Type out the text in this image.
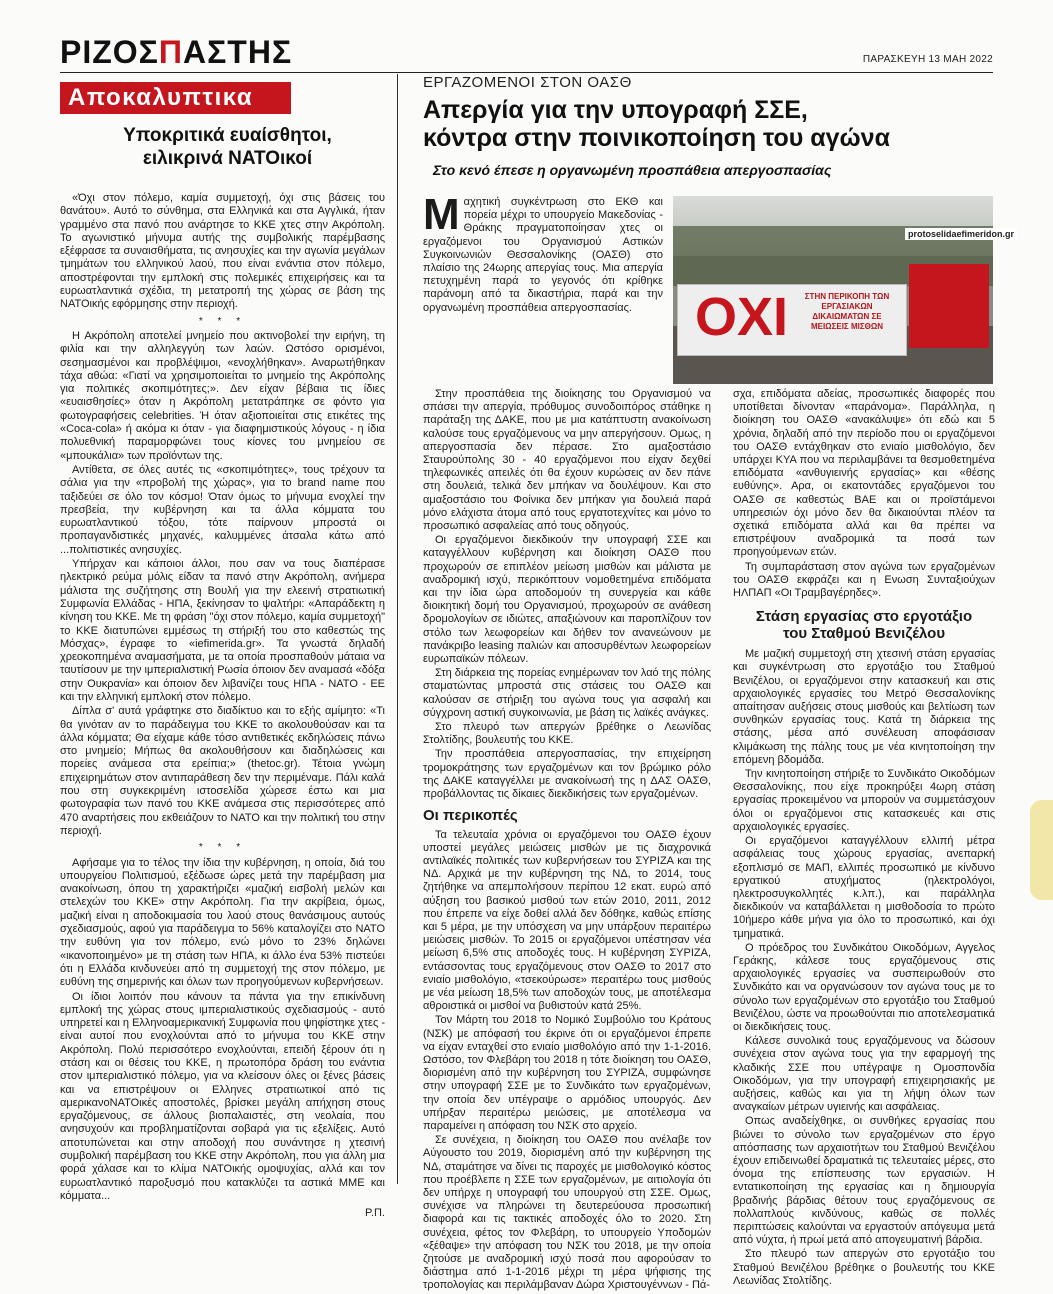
ΡΙΖΟΣΠΑΣΤΗΣ	ΠΑΡΑΣΚΕΥΗ 13 ΜΑΗ 2022
Αποκαλυπτικα
Υποκριτικά ευαίσθητοι,
ειλικρινά ΝΑΤΟικοί

«Όχι στον πόλεμο, καμία συμμετοχή, όχι στις βάσεις του θανάτου». Αυτό το σύνθημα, στα Ελληνικά και στα Αγγλικά, ήταν γραμμένο στα πανό που ανάρτησε το ΚΚΕ χτες στην Ακρόπολη. Το αγωνιστικό μήνυμα αυτής της συμβολικής παρέμβασης εξέφρασε τα συναισθήματα, τις ανησυχίες και την αγωνία μεγάλων τμημάτων του ελληνικού λαού, που είναι ενάντια στον πόλεμο, αποστρέφονται την εμπλοκή στις πολεμικές επιχειρήσεις και τα ευρωατλαντικά σχέδια, τη μετατροπή της χώρας σε βάση της ΝΑΤΟικής εφόρμησης στην περιοχή.

* * *

Η Ακρόπολη αποτελεί μνημείο που ακτινοβολεί την ειρήνη, τη φιλία και την αλληλεγγύη των λαών. Ωστόσο ορισμένοι, σεσημασμένοι και προβλέψιμοι, «ενοχλήθηκαν». Αναρωτήθηκαν τάχα αθώα: «Γιατί να χρησιμοποιείται το μνημείο της Ακρόπολης για πολιτικές σκοπιμότητες;». Δεν είχαν βέβαια τις ίδιες «ευαισθησίες» όταν η Ακρόπολη μετατράπηκε σε φόντο για φωτογραφήσεις celebrities. Ή όταν αξιοποιείται στις ετικέτες της «Coca-cola» ή ακόμα κι όταν - για διαφημιστικούς λόγους - η ίδια πολυεθνική παραμορφώνει τους κίονες του μνημείου σε «μπουκάλια» των προϊόντων της.

Αντίθετα, σε όλες αυτές τις «σκοπιμότητες», τους τρέχουν τα σάλια για την «προβολή της χώρας», για το brand name που ταξιδεύει σε όλο τον κόσμο! Όταν όμως το μήνυμα ενοχλεί την πρεσβεία, την κυβέρνηση και τα άλλα κόμματα του ευρωατλαντικού τόξου, τότε παίρνουν μπροστά οι προπαγανδιστικές μηχανές, καλυμμένες άτσαλα κάτω από ...πολιτιστικές ανησυχίες.

Υπήρχαν και κάποιοι άλλοι, που σαν να τους διαπέρασε ηλεκτρικό ρεύμα μόλις είδαν τα πανό στην Ακρόπολη, ανήμερα μάλιστα της συζήτησης στη Βουλή για την ελεεινή στρατιωτική Συμφωνία Ελλάδας - ΗΠΑ, ξεκίνησαν το ψαλτήρι: «Απαράδεκτη η κίνηση του ΚΚΕ. Με τη φράση "όχι στον πόλεμο, καμία συμμετοχή" το ΚΚΕ διατυπώνει εμμέσως τη στήριξή του στο καθεστώς της Μόσχας», έγραφε το «iefimerida.gr». Τα γνωστά δηλαδή χρεοκοπημένα αναμασήματα, με τα οποία προσπαθούν μάταια να ταυτίσουν με την ιμπεριαλιστική Ρωσία όποιον δεν αναμασά «δόξα στην Ουκρανία» και όποιον δεν λιβανίζει τους ΗΠΑ - ΝΑΤΟ - ΕΕ και την ελληνική εμπλοκή στον πόλεμο.

Δίπλα σ' αυτά γράφτηκε στο διαδίκτυο και το εξής αμίμητο: «Τι θα γινόταν αν το παράδειγμα του ΚΚΕ το ακολουθούσαν και τα άλλα κόμματα; Θα είχαμε κάθε τόσο αντιθετικές εκδηλώσεις πάνω στο μνημείο; Μήπως θα ακολουθήσουν και διαδηλώσεις και πορείες ανάμεσα στα ερείπια;» (thetoc.gr). Τέτοια γνώμη επιχειρημάτων στον αντιπαράθεση δεν την περιμέναμε. Πάλι καλά που στη συγκεκριμένη ιστοσελίδα χώρεσε έστω και μια φωτογραφία των πανό του ΚΚΕ ανάμεσα στις περισσότερες από 470 αναρτήσεις που εκθειάζουν το ΝΑΤΟ και την πολιτική του στην περιοχή.

* * *

Αφήσαμε για το τέλος την ίδια την κυβέρνηση, η οποία, διά του υπουργείου Πολιτισμού, εξέδωσε ώρες μετά την παρέμβαση μια ανακοίνωση, όπου τη χαρακτήριζει «μαζική εισβολή μελών και στελεχών του ΚΚΕ» στην Ακρόπολη. Για την ακρίβεια, όμως, μαζική είναι η αποδοκιμασία του λαού στους θανάσιμους αυτούς σχεδιασμούς, αφού για παράδειγμα το 56% καταλογίζει στο ΝΑΤΟ την ευθύνη για τον πόλεμο, ενώ μόνο το 23% δηλώνει «ικανοποιημένο» με τη στάση των ΗΠΑ, κι άλλο ένα 53% πιστεύει ότι η Ελλάδα κινδυνεύει από τη συμμετοχή της στον πόλεμο, με ευθύνη της σημερινής και όλων των προηγούμενων κυβερνήσεων.

Οι ίδιοι λοιπόν που κάνουν τα πάντα για την επικίνδυνη εμπλοκή της χώρας στους ιμπεριαλιστικούς σχεδιασμούς - αυτό υπηρετεί και η Ελληνοαμερικανική Συμφωνία που ψηφίστηκε χτες - είναι αυτοί που ενοχλούνται από το μήνυμα του ΚΚΕ στην Ακρόπολη. Πολύ περισσότερο ενοχλούνται, επειδή ξέρουν ότι η στάση και οι θέσεις του ΚΚΕ, η πρωτοπόρα δράση του ενάντια στον ιμπεριαλιστικό πόλεμο, για να κλείσουν όλες οι ξένες βάσεις και να επιστρέψουν οι Ελληνες στρατιωτικοί από τις αμερικανοΝΑΤΟικές αποστολές, βρίσκει μεγάλη απήχηση στους εργαζόμενους, σε άλλους βιοπαλαιστές, στη νεολαία, που ανησυχούν και προβληματίζονται σοβαρά για τις εξελίξεις. Αυτό αποτυπώνεται και στην αποδοχή που συνάντησε η χτεσινή συμβολική παρέμβαση του ΚΚΕ στην Ακρόπολη, που για άλλη μια φορά χάλασε και το κλίμα ΝΑΤΟικής ομοψυχίας, αλλά και τον ευρωατλαντικό παροξυσμό που κατακλύζει τα αστικά ΜΜΕ και κόμματα...

Ρ.Π.
ΕΡΓΑΖΟΜΕΝΟΙ ΣΤΟΝ ΟΑΣΘ
Απεργία για την υπογραφή ΣΣΕ,
κόντρα στην ποινικοποίηση του αγώνα
Στο κενό έπεσε η οργανωμένη προσπάθεια απεργοσπασίας
ΟΧΙ	ΣΤΗΝ ΠΕΡΙΚΟΠΗ ΤΩΝ ΕΡΓΑΣΙΑΚΩΝ ΔΙΚΑΙΩΜΑΤΩΝ ΣΕ ΜΕΙΩΣΕΙΣ ΜΙΣΘΩΝ
protoselidaefimeridon.gr

Μαχητική συγκέντρωση στο ΕΚΘ και πορεία μέχρι το υπουργείο Μακεδονίας - Θράκης πραγματοποίησαν χτες οι εργαζόμενοι του Οργανισμού Αστικών Συγκοινωνιών Θεσσαλονίκης (ΟΑΣΘ) στο πλαίσιο της 24ωρης απεργίας τους. Μια απεργία πετυχημένη παρά το γεγονός ότι κρίθηκε παράνομη από τα δικαστήρια, παρά και την οργανωμένη προσπάθεια απεργοσπασίας.

Στην προσπάθεια της διοίκησης του Οργανισμού να σπάσει την απεργία, πρόθυμος συνοδοιπόρος στάθηκε η παράταξη της ΔΑΚΕ, που με μια κατάπτυστη ανακοίνωση καλούσε τους εργαζόμενους να μην απεργήσουν. Ομως, η απεργοσπασία δεν πέρασε. Στο αμαξοστάσιο Σταυρούπολης 30 - 40 εργαζόμενοι που είχαν δεχθεί τηλεφωνικές απειλές ότι θα έχουν κυρώσεις αν δεν πάνε στη δουλειά, τελικά δεν μπήκαν να δουλέψουν. Και στο αμαξοστάσιο του Φοίνικα δεν μπήκαν για δουλειά παρά μόνο ελάχιστα άτομα από τους εργατοτεχνίτες και μόνο το προσωπικό ασφαλείας από τους οδηγούς.

Οι εργαζόμενοι διεκδικούν την υπογραφή ΣΣΕ και καταγγέλλουν κυβέρνηση και διοίκηση ΟΑΣΘ που προχωρούν σε επιπλέον μείωση μισθών και μάλιστα με αναδρομική ισχύ, περικόπτουν νομοθετημένα επιδόματα και την ίδια ώρα αποδομούν τη συνεργεία και κάθε διοικητική δομή του Οργανισμού, προχωρούν σε ανάθεση δρομολογίων σε ιδιώτες, απαξιώνουν και παροπλίζουν τον στόλο των λεωφορείων και δήθεν τον ανανεώνουν με πανάκριβο leasing παλιών και αποσυρθέντων λεωφορείων ευρωπαϊκών πόλεων.

Στη διάρκεια της πορείας ενημέρωναν τον λαό της πόλης σταματώντας μπροστά στις στάσεις του ΟΑΣΘ και καλούσαν σε στήριξη του αγώνα τους για ασφαλή και σύγχρονη αστική συγκοινωνία, με βάση τις λαϊκές ανάγκες.

Στο πλευρό των απεργών βρέθηκε ο Λεωνίδας Στολτίδης, βουλευτής του ΚΚΕ.

Την προσπάθεια απεργοσπασίας, την επιχείρηση τρομοκράτησης των εργαζομένων και τον βρώμικο ρόλο της ΔΑΚΕ καταγγέλλει με ανακοίνωσή της η ΔΑΣ ΟΑΣΘ, προβάλλοντας τις δίκαιες διεκδικήσεις των εργαζομένων.

Οι περικοπές

Τα τελευταία χρόνια οι εργαζόμενοι του ΟΑΣΘ έχουν υποστεί μεγάλες μειώσεις μισθών με τις διαχρονικά αντιλαϊκές πολιτικές των κυβερνήσεων του ΣΥΡΙΖΑ και της ΝΔ. Αρχικά με την κυβέρνηση της ΝΔ, το 2014, τους ζητήθηκε να απεμπολήσουν περίπου 12 εκατ. ευρώ από αύξηση του βασικού μισθού των ετών 2010, 2011, 2012 που έπρεπε να είχε δοθεί αλλά δεν δόθηκε, καθώς επίσης και 5 μέρα, με την υπόσχεση να μην υπάρξουν περαιτέρω μειώσεις μισθών. Το 2015 οι εργαζόμενοι υπέστησαν νέα μείωση 6,5% στις αποδοχές τους. Η κυβέρνηση ΣΥΡΙΖΑ, εντάσσοντας τους εργαζόμενους στον ΟΑΣΘ το 2017 στο ενιαίο μισθολόγιο, «τσεκούρωσε» περαιτέρω τους μισθούς με νέα μείωση 18,5% των αποδοχών τους, με αποτέλεσμα αθροιστικά οι μισθοί να βυθιστούν κατά 25%.

Τον Μάρτη του 2018 το Νομικό Συμβούλιο του Κράτους (ΝΣΚ) με απόφασή του έκρινε ότι οι εργαζόμενοι έπρεπε να είχαν ενταχθεί στο ενιαίο μισθολόγιο από την 1-1-2016. Ωστόσο, τον Φλεβάρη του 2018 η τότε διοίκηση του ΟΑΣΘ, διορισμένη από την κυβέρνηση του ΣΥΡΙΖΑ, συμφώνησε στην υπογραφή ΣΣΕ με το Συνδικάτο των εργαζομένων, την οποία δεν υπέγραψε ο αρμόδιος υπουργός. Δεν υπήρξαν περαιτέρω μειώσεις, με αποτέλεσμα να παραμείνει η απόφαση του ΝΣΚ στο αρχείο.

Σε συνέχεια, η διοίκηση του ΟΑΣΘ που ανέλαβε τον Αύγουστο του 2019, διορισμένη από την κυβέρνηση της ΝΔ, σταμάτησε να δίνει τις παροχές με μισθολογικό κόστος που προέβλεπε η ΣΣΕ των εργαζομένων, με αιτιολογία ότι δεν υπήρχε η υπογραφή του υπουργού στη ΣΣΕ. Ομως, συνέχισε να πληρώνει τη δευτερεύουσα προσωπική διαφορά και τις τακτικές αποδοχές όλο το 2020. Στη συνέχεια, φέτος τον Φλεβάρη, το υπουργείο Υποδομών «ξέθαψε» την απόφαση του ΝΣΚ του 2018, με την οποία ζητούσε με αναδρομική ισχύ ποσά που αφορούσαν το διάστημα από 1-1-2016 μέχρι τη μέρα ψήφισης της τροπολογίας και περιλάμβαναν Δώρα Χριστουγέννων - Πά-

σχα, επιδόματα αδείας, προσωπικές διαφορές που υποτίθεται δίνονταν «παράνομα». Παράλληλα, η διοίκηση του ΟΑΣΘ «ανακάλυψε» ότι εδώ και 5 χρόνια, δηλαδή από την περίοδο που οι εργαζόμενοι του ΟΑΣΘ εντάχθηκαν στο ενιαίο μισθολόγιο, δεν υπάρχει ΚΥΑ που να περιλαμβάνει τα θεσμοθετημένα επιδόματα «ανθυγιεινής εργασίας» και «θέσης ευθύνης». Αρα, οι εκατοντάδες εργαζόμενοι του ΟΑΣΘ σε καθεστώς ΒΑΕ και οι προϊστάμενοι υπηρεσιών όχι μόνο δεν θα δικαιούνται πλέον τα σχετικά επιδόματα αλλά και θα πρέπει να επιστρέψουν αναδρομικά τα ποσά των προηγούμενων ετών.

Τη συμπαράσταση στον αγώνα των εργαζομένων του ΟΑΣΘ εκφράζει και η Ενωση Συνταξιούχων ΗΛΠΑΠ «Οι Τραμβαγέρηδες».

Στάση εργασίας στο εργοτάξιο
του Σταθμού Βενιζέλου

Με μαζική συμμετοχή στη χτεσινή στάση εργασίας και συγκέντρωση στο εργοτάξιο του Σταθμού Βενιζέλου, οι εργαζόμενοι στην κατασκευή και στις αρχαιολογικές εργασίες του Μετρό Θεσσαλονίκης απαίτησαν αυξήσεις στους μισθούς και βελτίωση των συνθηκών εργασίας τους. Κατά τη διάρκεια της στάσης, μέσα από συνέλευση αποφάσισαν κλιμάκωση της πάλης τους με νέα κινητοποίηση την επόμενη βδομάδα.

Την κινητοποίηση στήριξε το Συνδικάτο Οικοδόμων Θεσσαλονίκης, που είχε προκηρύξει 4ωρη στάση εργασίας προκειμένου να μπορούν να συμμετάσχουν όλοι οι εργαζόμενοι στις κατασκευές και στις αρχαιολογικές εργασίες.

Οι εργαζόμενοι καταγγέλλουν ελλιπή μέτρα ασφάλειας τους χώρους εργασίας, ανεπαρκή εξοπλισμό σε ΜΑΠ, ελλιπές προσωπικό με κίνδυνο εργατικού ατυχήματος (ηλεκτρολόγοι, ηλεκτροσυγκολλητές κ.λπ.), και παράλληλα διεκδικούν να καταβάλλεται η μισθοδοσία το πρώτο 10ήμερο κάθε μήνα για όλο το προσωπικό, και όχι τμηματικά.

Ο πρόεδρος του Συνδικάτου Οικοδόμων, Αγγελος Γεράκης, κάλεσε τους εργαζόμενους στις αρχαιολογικές εργασίες να συσπειρωθούν στο Συνδικάτο και να οργανώσουν τον αγώνα τους με το σύνολο των εργαζομένων στο εργοτάξιο του Σταθμού Βενιζέλου, ώστε να προωθούνται πιο αποτελεσματικά οι διεκδικήσεις τους.

Κάλεσε συνολικά τους εργαζόμενους να δώσουν συνέχεια στον αγώνα τους για την εφαρμογή της κλαδικής ΣΣΕ που υπέγραψε η Ομοσπονδία Οικοδόμων, για την υπογραφή επιχειρησιακής με αυξήσεις, καθώς και για τη λήψη όλων των αναγκαίων μέτρων υγιεινής και ασφάλειας.

Οπως αναδείχθηκε, οι συνθήκες εργασίας που βιώνει το σύνολο των εργαζομένων στο έργο απόσπασης των αρχαιοτήτων του Σταθμού Βενιζέλου έχουν επιδεινωθεί δραματικά τις τελευταίες μέρες, στο όνομα της επίσπευσης των εργασιών. Η εντατικοποίηση της εργασίας και η δημιουργία βραδινής βάρδιας θέτουν τους εργαζόμενους σε πολλαπλούς κινδύνους, καθώς σε πολλές περιπτώσεις καλούνται να εργαστούν απόγευμα μετά από νύχτα, ή πρωί μετά από απογευματινή βάρδια.

Στο πλευρό των απεργών στο εργοτάξιο του Σταθμού Βενιζέλου βρέθηκε ο βουλευτής του ΚΚΕ Λεωνίδας Στολτίδης.
